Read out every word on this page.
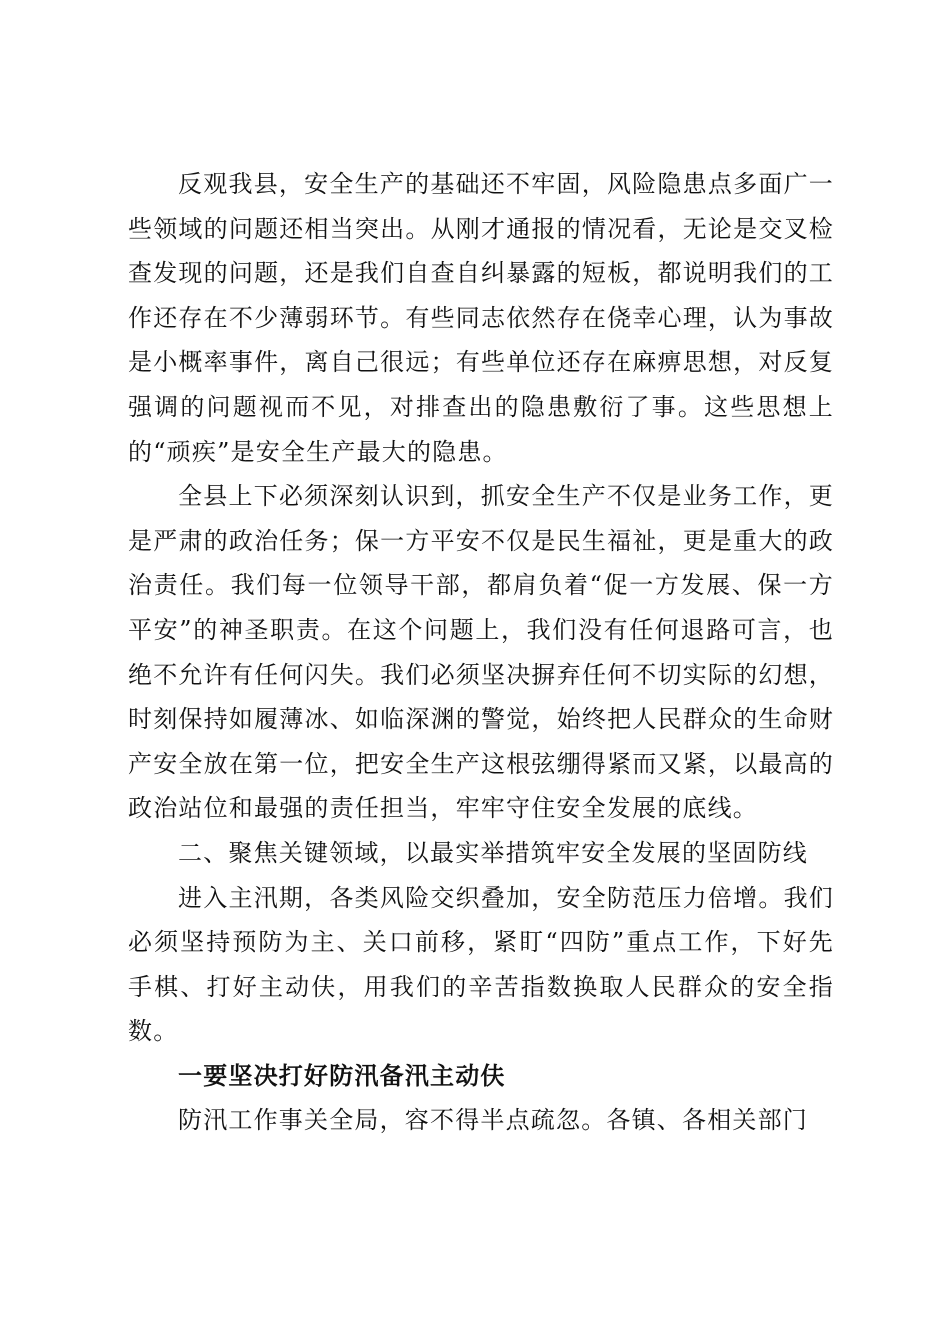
反观我县，安全生产的基础还不牢固，风险隐患点多面广一些领域的问题还相当突出。从刚才通报的情况看，无论是交叉检查发现的问题，还是我们自查自纠暴露的短板，都说明我们的工作还存在不少薄弱环节。有些同志依然存在侥幸心理，认为事故是小概率事件，离自己很远；有些单位还存在麻痹思想，对反复强调的问题视而不见，对排查出的隐患敷衍了事。这些思想上的“顽疾”是安全生产最大的隐患。

全县上下必须深刻认识到，抓安全生产不仅是业务工作，更是严肃的政治任务；保一方平安不仅是民生福祉，更是重大的政治责任。我们每一位领导干部，都肩负着“促一方发展、保一方平安”的神圣职责。在这个问题上，我们没有任何退路可言，也绝不允许有任何闪失。我们必须坚决摒弃任何不切实际的幻想，时刻保持如履薄冰、如临深渊的警觉，始终把人民群众的生命财产安全放在第一位，把安全生产这根弦绷得紧而又紧，以最高的政治站位和最强的责任担当，牢牢守住安全发展的底线。

二、聚焦关键领域，以最实举措筑牢安全发展的坚固防线

进入主汛期，各类风险交织叠加，安全防范压力倍增。我们必须坚持预防为主、关口前移，紧盯“四防”重点工作，下好先手棋、打好主动伕，用我们的辛苦指数换取人民群众的安全指数。

一要坚决打好防汛备汛主动伕

防汛工作事关全局，容不得半点疏忽。各镇、各相关部门
